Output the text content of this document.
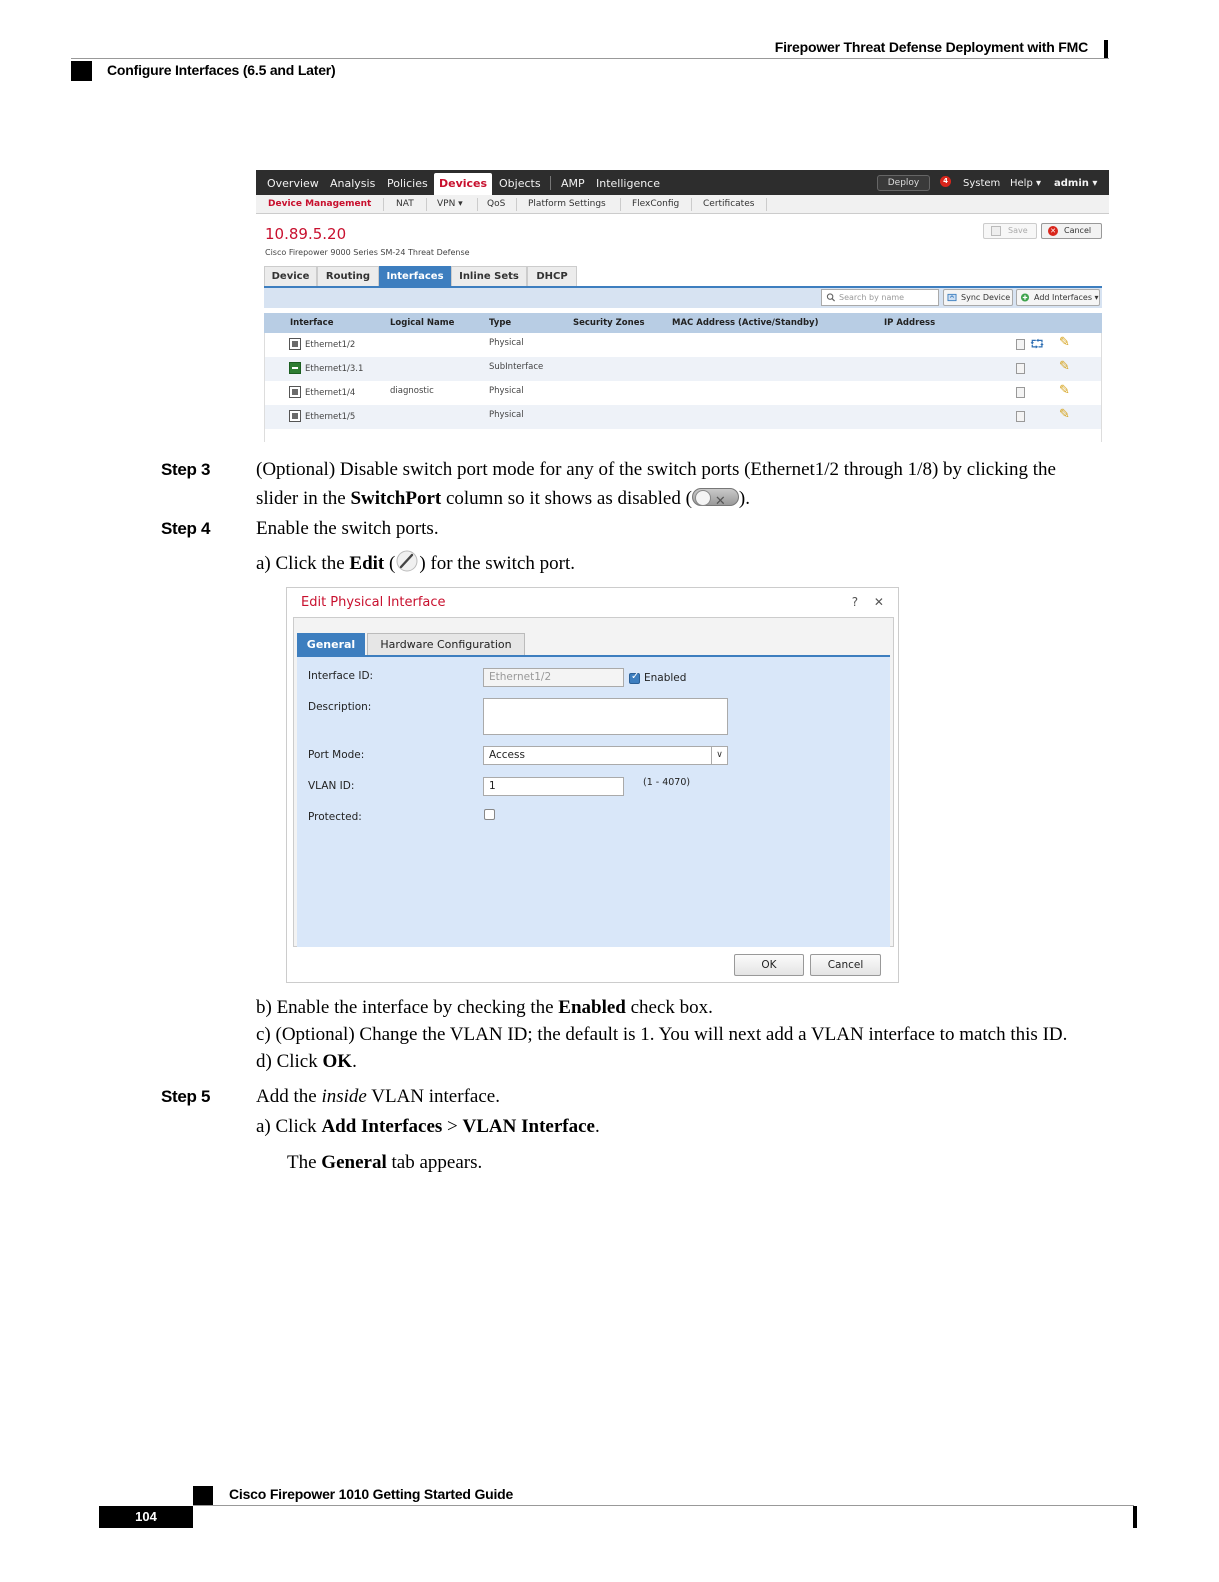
Firepower Threat Defense Deployment with FMC
Configure Interfaces (6.5 and Later)
Overview Analysis Policies	Devices	Objects AMP Intelligence	Deploy	4	System Help ▾ admin ▾
Device Management	NAT	VPN ▾	QoS	Platform Settings	FlexConfig	Certificates
10.89.5.20
Cisco Firepower 9000 Series SM-24 Threat Defense
Save	✕ Cancel
Device	Routing	Interfaces	Inline Sets	DHCP
Search by name	Sync Device	Add Interfaces ▾
Interface	Logical Name	Type	Security Zones	MAC Address (Active/Standby)	IP Address
Ethernet1/2	Physical	⮔ ✎
Ethernet1/3.1	SubInterface	✎
Ethernet1/4	diagnostic	Physical	✎
Ethernet1/5	Physical	✎
Step 3 (Optional) Disable switch port mode for any of the switch ports (Ethernet1/2 through 1/8) by clicking the
slider in the SwitchPort column so it shows as disabled ( ✕ ).
Step 4 Enable the switch ports.
a) Click the Edit ( ) for the switch port.
Edit Physical Interface	? ✕
General	Hardware Configuration
Interface ID:	Ethernet1/2 ✓	Enabled
Description:
Port Mode:	Access	∨
VLAN ID:	1	(1 - 4070)
Protected:
OK	Cancel
b) Enable the interface by checking the Enabled check box.
c) (Optional) Change the VLAN ID; the default is 1. You will next add a VLAN interface to match this ID.
d) Click OK.
Step 5 Add the inside VLAN interface.
a) Click Add Interfaces > VLAN Interface.
The General tab appears.
Cisco Firepower 1010 Getting Started Guide
104
